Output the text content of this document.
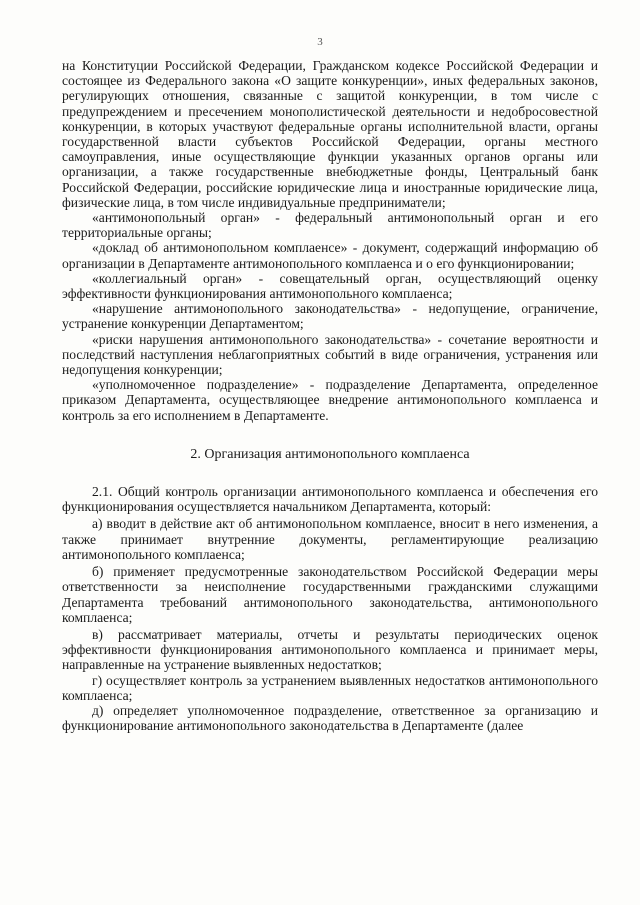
3

на Конституции Российской Федерации, Гражданском кодексе Российской Федерации и состоящее из Федерального закона «О защите конкуренции», иных федеральных законов, регулирующих отношения, связанные с защитой конкуренции, в том числе с предупреждением и пресечением монополистической деятельности и недобросовестной конкуренции, в которых участвуют федеральные органы исполнительной власти, органы государственной власти субъектов Российской Федерации, органы местного самоуправления, иные осуществляющие функции указанных органов органы или организации, а также государственные внебюджетные фонды, Центральный банк Российской Федерации, российские юридические лица и иностранные юридические лица, физические лица, в том числе индивидуальные предприниматели;

«антимонопольный орган» - федеральный антимонопольный орган и его территориальные органы;

«доклад об антимонопольном комплаенсе» - документ, содержащий информацию об организации в Департаменте антимонопольного комплаенса и о его функционировании;

«коллегиальный орган» - совещательный орган, осуществляющий оценку эффективности функционирования антимонопольного комплаенса;

«нарушение антимонопольного законодательства» - недопущение, ограничение, устранение конкуренции Департаментом;

«риски нарушения антимонопольного законодательства» - сочетание вероятности и последствий наступления неблагоприятных событий в виде ограничения, устранения или недопущения конкуренции;

«уполномоченное подразделение» - подразделение Департамента, определенное приказом Департамента, осуществляющее внедрение антимонопольного комплаенса и контроль за его исполнением в Департаменте.

2. Организация антимонопольного комплаенса

2.1. Общий контроль организации антимонопольного комплаенса и обеспечения его функционирования осуществляется начальником Департамента, который:

а) вводит в действие акт об антимонопольном комплаенсе, вносит в него изменения, а также принимает внутренние документы, регламентирующие реализацию антимонопольного комплаенса;

б) применяет предусмотренные законодательством Российской Федерации меры ответственности за неисполнение государственными гражданскими служащими Департамента требований антимонопольного законодательства, антимонопольного комплаенса;

в) рассматривает материалы, отчеты и результаты периодических оценок эффективности функционирования антимонопольного комплаенса и принимает меры, направленные на устранение выявленных недостатков;

г) осуществляет контроль за устранением выявленных недостатков антимонопольного комплаенса;

д) определяет уполномоченное подразделение, ответственное за организацию и функционирование антимонопольного законодательства в Департаменте (далее
